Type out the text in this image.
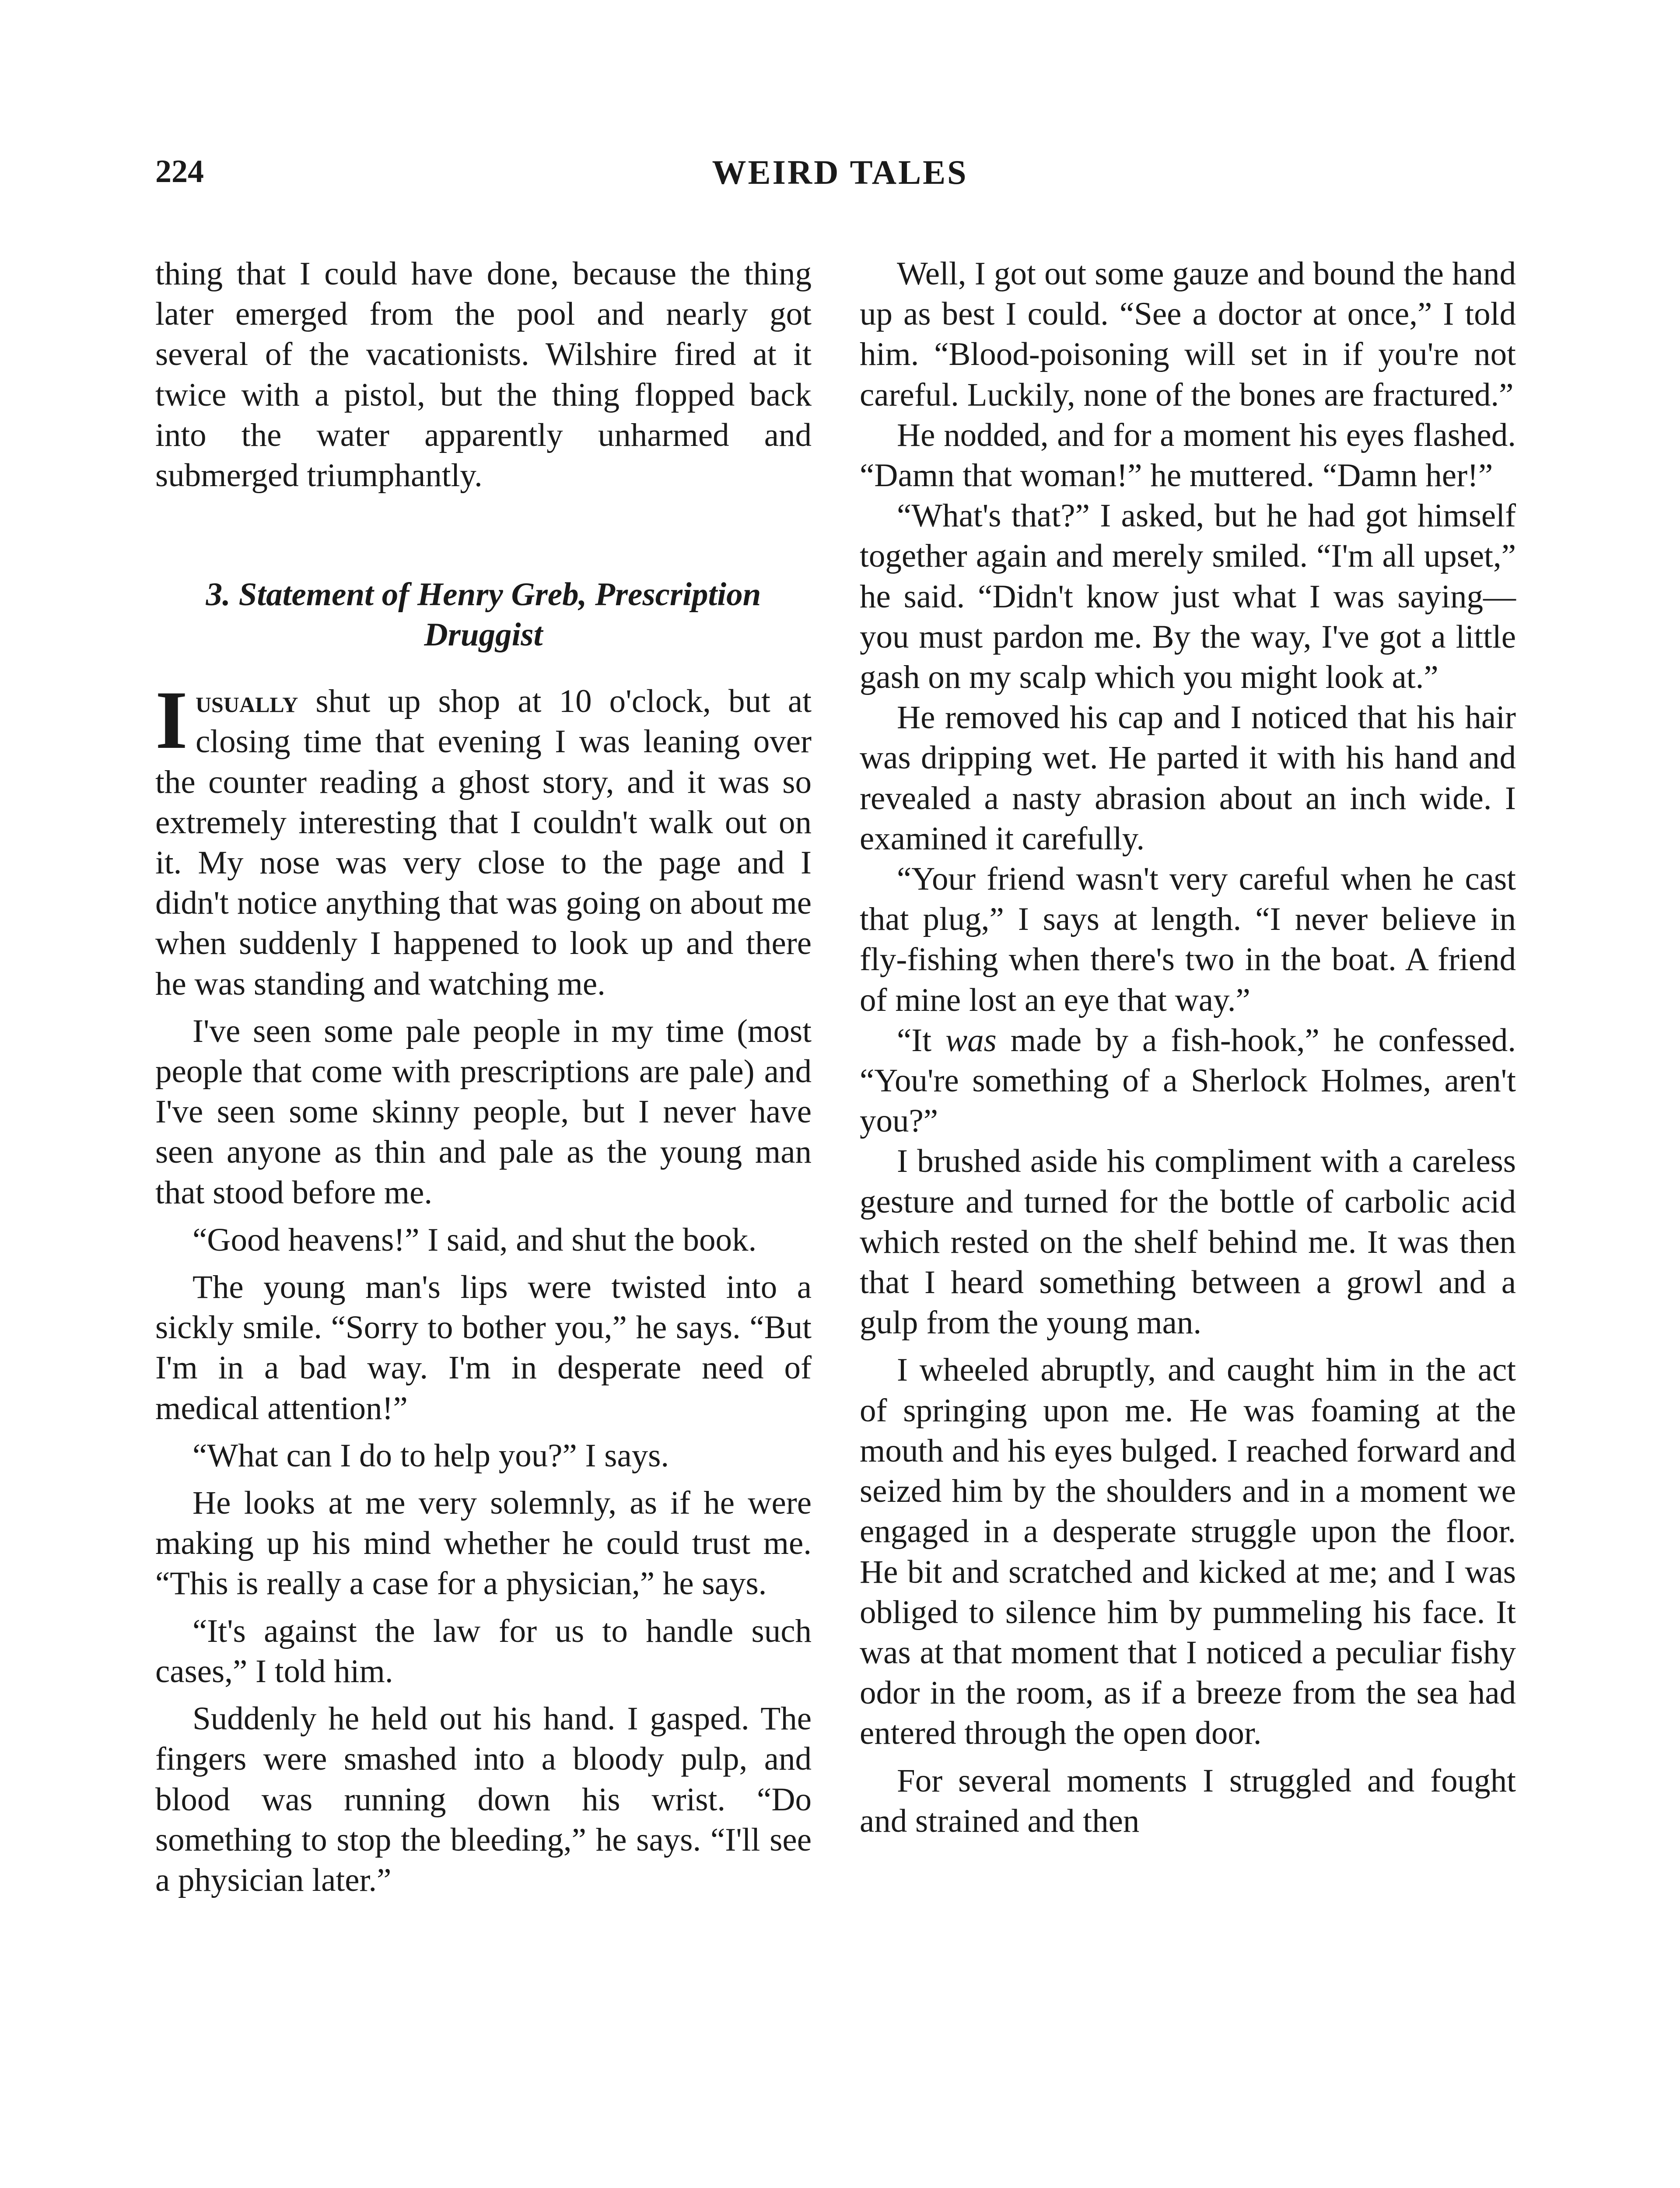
224	WEIRD TALES

thing that I could have done, because the thing later emerged from the pool and nearly got several of the vacationists. Wilshire fired at it twice with a pistol, but the thing flopped back into the water apparently unharmed and submerged triumphantly.

3. Statement of Henry Greb, Prescription Druggist

Iusually shut up shop at 10 o'clock, but at closing time that evening I was leaning over the counter reading a ghost story, and it was so extremely interesting that I couldn't walk out on it. My nose was very close to the page and I didn't notice anything that was going on about me when suddenly I happened to look up and there he was standing and watching me.

I've seen some pale people in my time (most people that come with prescriptions are pale) and I've seen some skinny people, but I never have seen anyone as thin and pale as the young man that stood before me.

“Good heavens!” I said, and shut the book.

The young man's lips were twisted into a sickly smile. “Sorry to bother you,” he says. “But I'm in a bad way. I'm in desperate need of medical attention!”

“What can I do to help you?” I says.

He looks at me very solemnly, as if he were making up his mind whether he could trust me. “This is really a case for a physician,” he says.

“It's against the law for us to handle such cases,” I told him.

Suddenly he held out his hand. I gasped. The fingers were smashed into a bloody pulp, and blood was running down his wrist. “Do something to stop the bleeding,” he says. “I'll see a physician later.”

Well, I got out some gauze and bound the hand up as best I could. “See a doctor at once,” I told him. “Blood-poisoning will set in if you're not careful. Luckily, none of the bones are fractured.”

He nodded, and for a moment his eyes flashed. “Damn that woman!” he muttered. “Damn her!”

“What's that?” I asked, but he had got himself together again and merely smiled. “I'm all upset,” he said. “Didn't know just what I was saying—you must pardon me. By the way, I've got a little gash on my scalp which you might look at.”

He removed his cap and I noticed that his hair was dripping wet. He parted it with his hand and revealed a nasty abrasion about an inch wide. I examined it carefully.

“Your friend wasn't very careful when he cast that plug,” I says at length. “I never believe in fly-fishing when there's two in the boat. A friend of mine lost an eye that way.”

“It was made by a fish-hook,” he confessed. “You're something of a Sherlock Holmes, aren't you?”

I brushed aside his compliment with a careless gesture and turned for the bottle of carbolic acid which rested on the shelf behind me. It was then that I heard something between a growl and a gulp from the young man.

I wheeled abruptly, and caught him in the act of springing upon me. He was foaming at the mouth and his eyes bulged. I reached forward and seized him by the shoulders and in a moment we engaged in a desperate struggle upon the floor. He bit and scratched and kicked at me; and I was obliged to silence him by pummeling his face. It was at that moment that I noticed a peculiar fishy odor in the room, as if a breeze from the sea had entered through the open door.

For several moments I struggled and fought and strained and then
